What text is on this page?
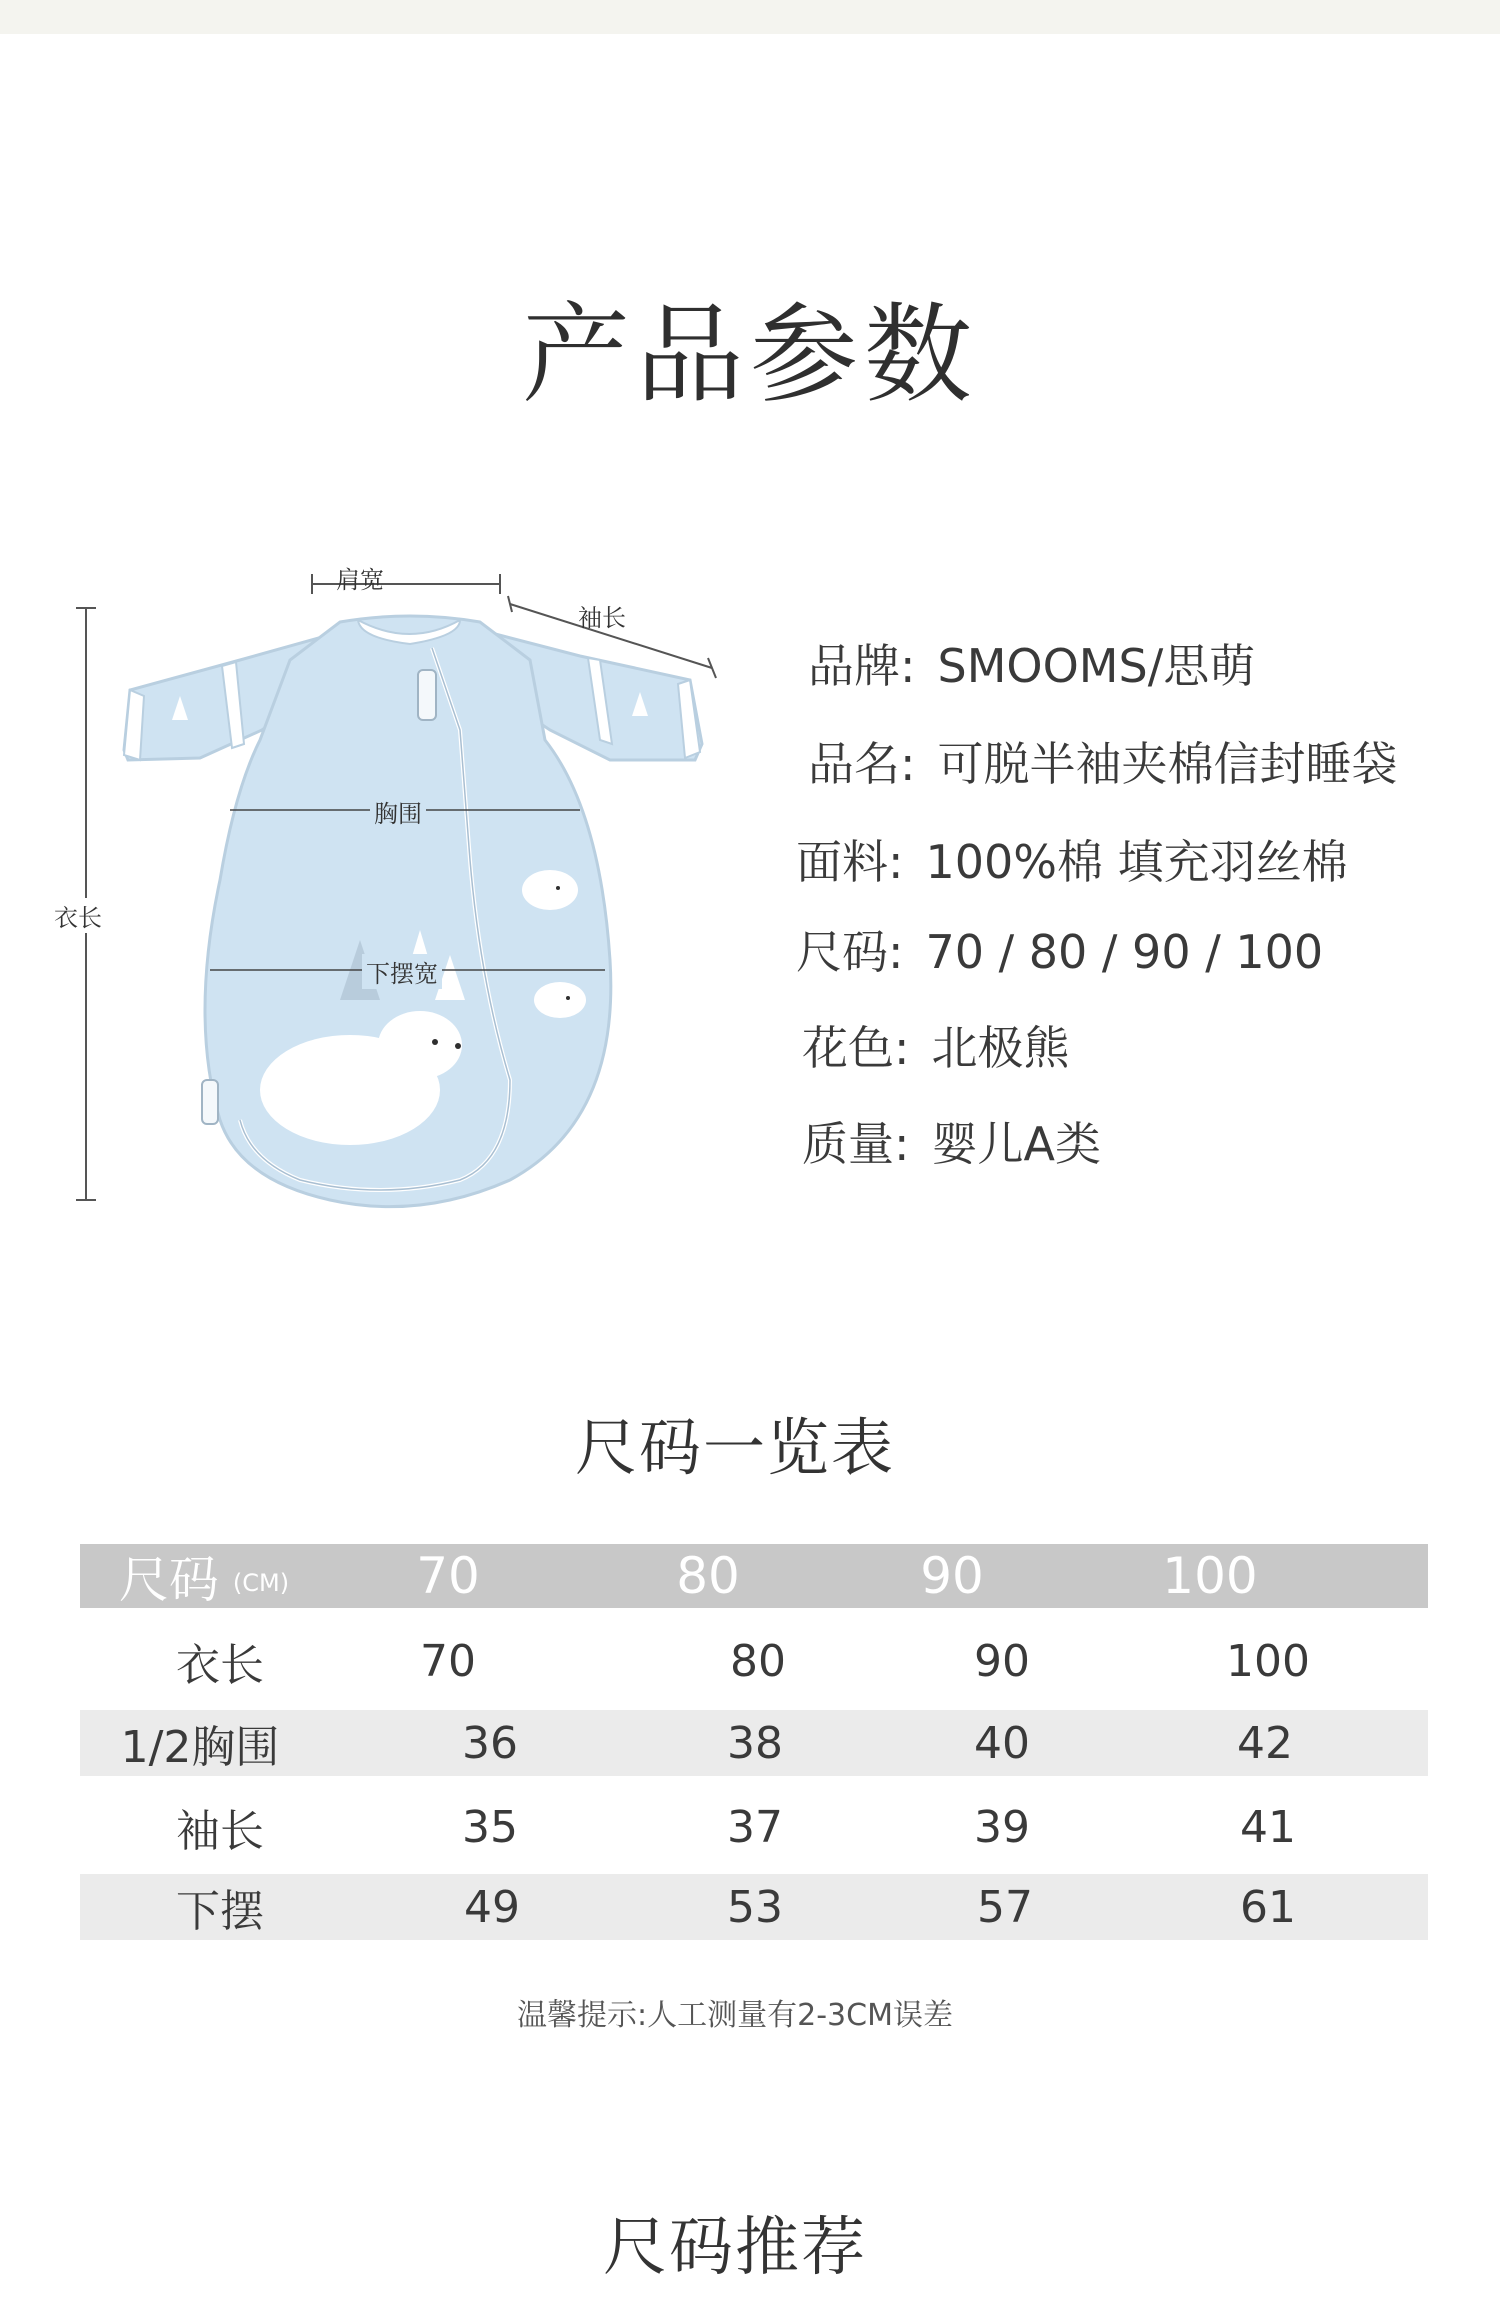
产品参数
肩宽
袖长
衣长
胸围
下摆宽
品牌: SMOOMS/思萌
品名: 可脱半袖夹棉信封睡袋
面料: 100%棉 填充羽丝棉
尺码: 70 / 80 / 90 / 100
花色: 北极熊
质量: 婴儿A类
尺码一览表
尺码 (CM)	70	80	90	100
衣长	70	80	90	100
1/2胸围	36	38	40	42
袖长	35	37	39	41
下摆	49	53	57	61
温馨提示:人工测量有2-3CM误差
尺码推荐
